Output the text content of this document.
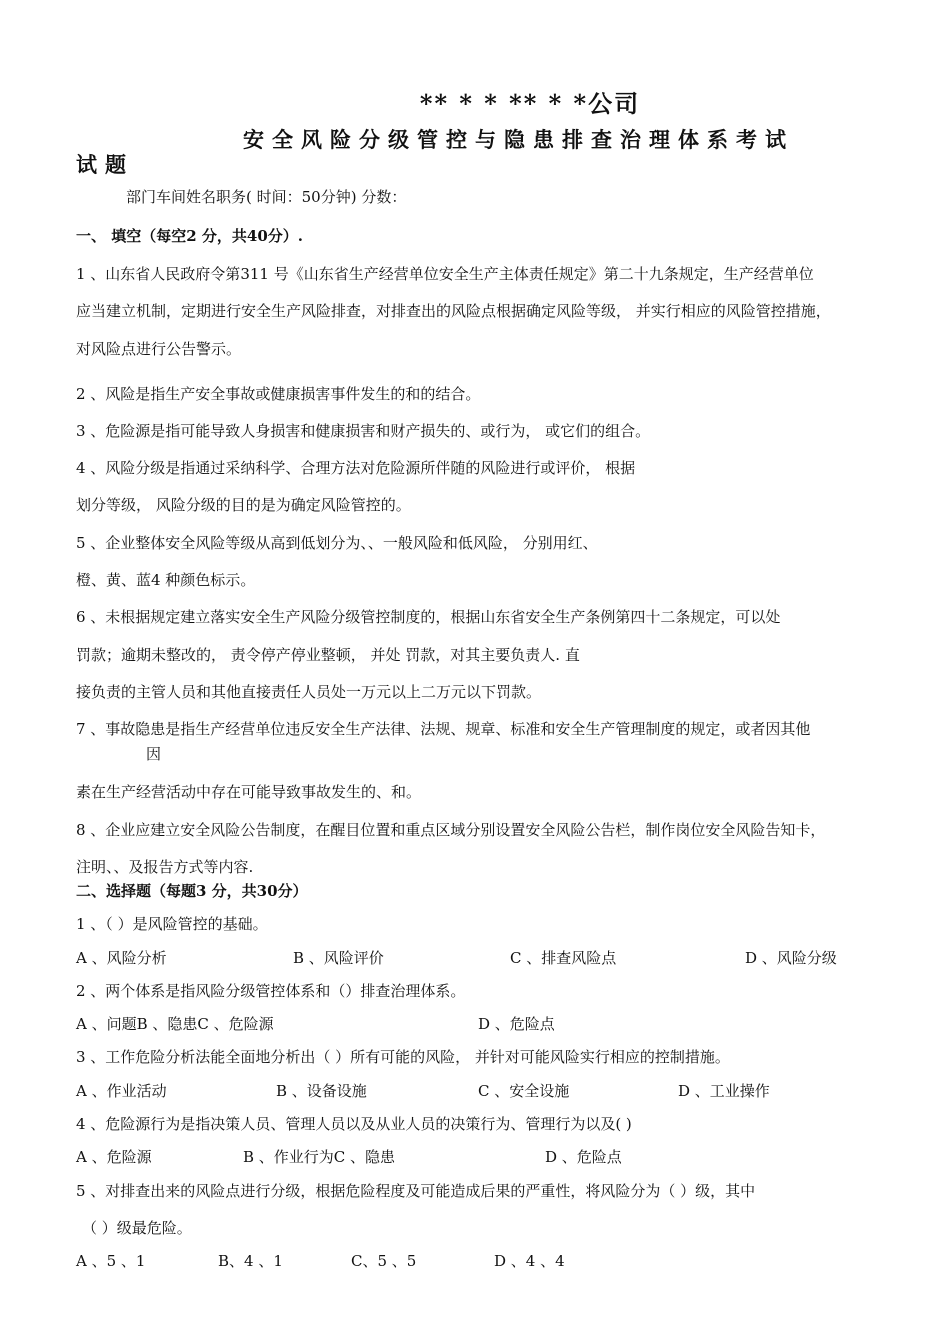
** * * ** * *公司
安全风险分级管控与隐患排查治理体系考试
试题
部门车间姓名职务( 时间：50分钟) 分数：
一、 填空（每空2 分，共40分）.
1 、山东省人民政府令第311 号《山东省生产经营单位安全生产主体责任规定》第二十九条规定，生产经营单位
应当建立机制，定期进行安全生产风险排查，对排查出的风险点根据确定风险等级， 并实行相应的风险管控措施，
对风险点进行公告警示。
2 、风险是指生产安全事故或健康损害事件发生的和的结合。
3 、危险源是指可能导致人身损害和健康损害和财产损失的、或行为， 或它们的组合。
4 、风险分级是指通过采纳科学、合理方法对危险源所伴随的风险进行或评价， 根据
划分等级， 风险分级的目的是为确定风险管控的。
5 、企业整体安全风险等级从高到低划分为、、一般风险和低风险， 分别用红、
橙、黄、蓝4 种颜色标示。
6 、未根据规定建立落实安全生产风险分级管控制度的，根据山东省安全生产条例第四十二条规定，可以处
罚款；逾期未整改的， 责令停产停业整顿， 并处 罚款，对其主要负责人. 直
接负责的主管人员和其他直接责任人员处一万元以上二万元以下罚款。
7 、事故隐患是指生产经营单位违反安全生产法律、法规、规章、标准和安全生产管理制度的规定，或者因其他
因
素在生产经营活动中存在可能导致事故发生的、和。
8 、企业应建立安全风险公告制度，在醒目位置和重点区域分别设置安全风险公告栏，制作岗位安全风险告知卡，
注明、、及报告方式等内容.
二、选择题（每题3 分，共30分）
1 、（ ）是风险管控的基础。
A 、风险分析	B 、风险评价	C 、排查风险点	D 、风险分级
2 、两个体系是指风险分级管控体系和（）排查治理体系。
A 、问题B 、隐患C 、危险源	D 、危险点
3 、工作危险分析法能全面地分析出（ ）所有可能的风险， 并针对可能风险实行相应的控制措施。
A 、作业活动	B 、设备设施	C 、安全设施	D 、工业操作
4 、危险源行为是指决策人员、管理人员以及从业人员的决策行为、管理行为以及( )
A 、危险源	B 、作业行为C 、隐患	D 、危险点
5 、对排查出来的风险点进行分级，根据危险程度及可能造成后果的严重性，将风险分为（ ）级，其中
（ ）级最危险。
A 、5 、1	B、4 、1	C、5 、5	D 、4 、4
